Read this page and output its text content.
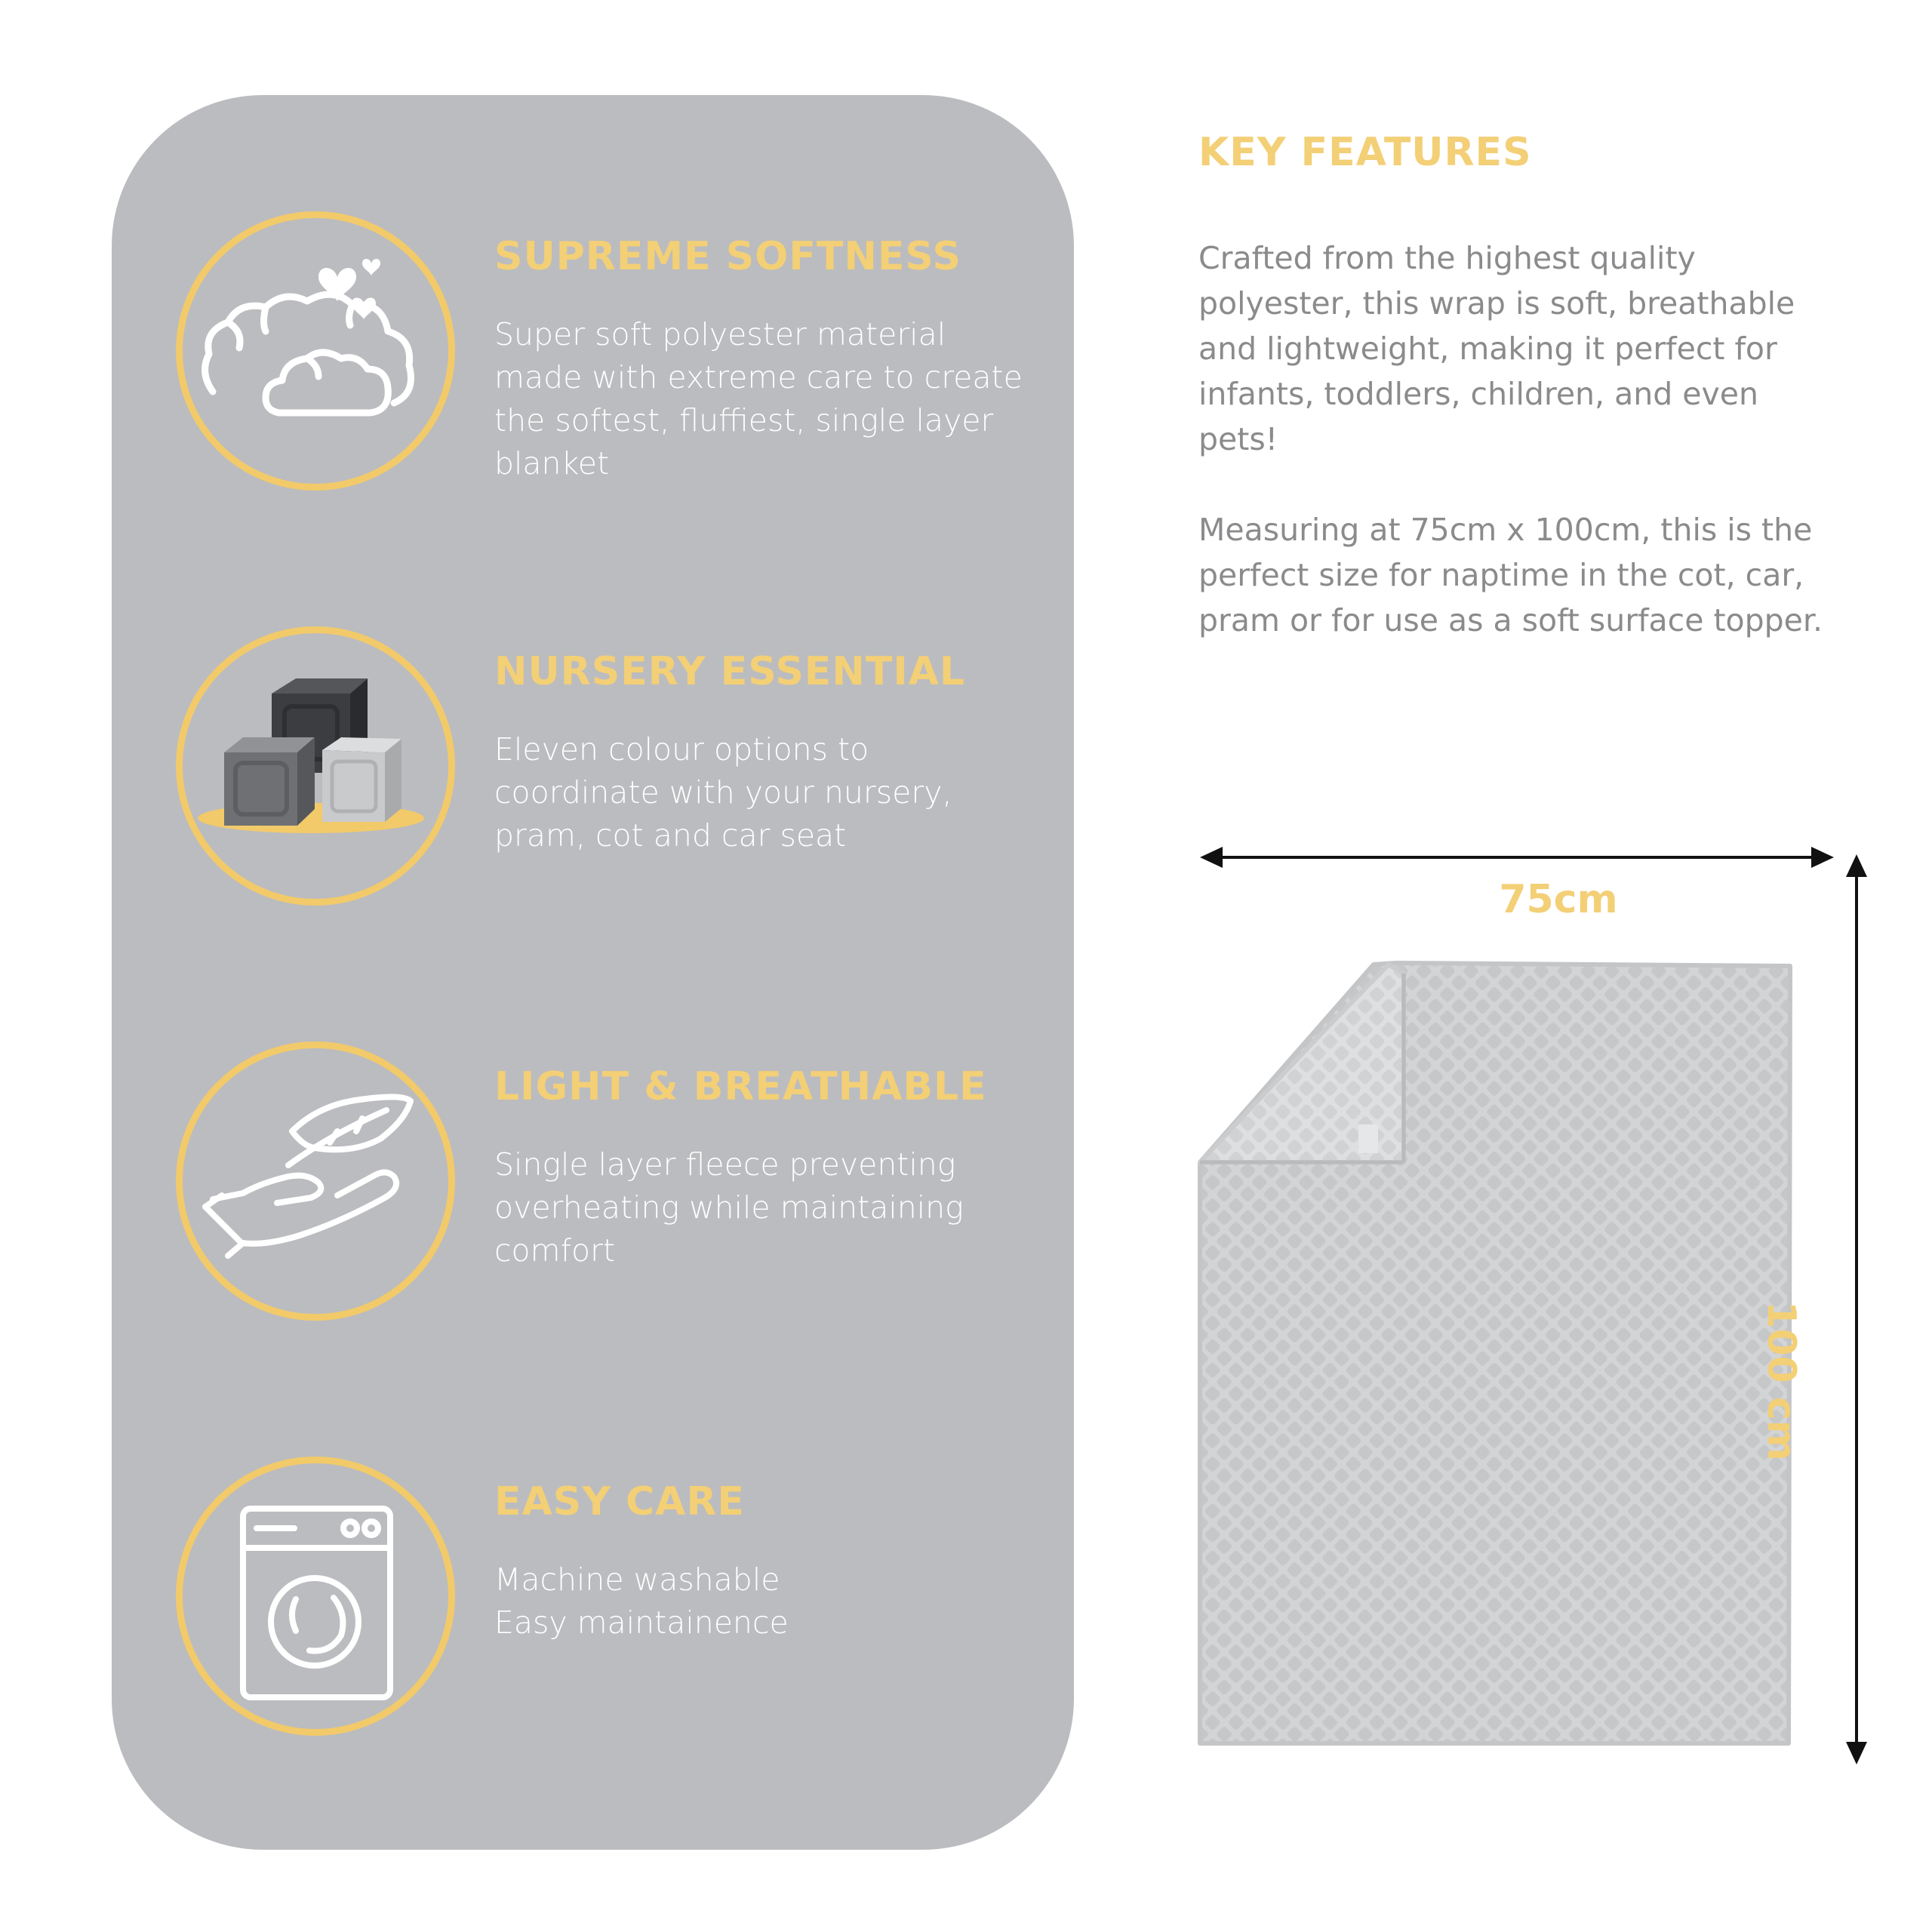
SUPREME SOFTNESS
Super soft polyester material
made with extreme care to create
the softest, fluffiest, single layer
blanket
NURSERY ESSENTIAL
Eleven colour options to
coordinate with your nursery,
pram, cot and car seat
LIGHT & BREATHABLE
Single layer fleece preventing
overheating while maintaining
comfort
EASY CARE
Machine washable
Easy maintainence
KEY FEATURES
Crafted from the highest quality
polyester, this wrap is soft, breathable
and lightweight, making it perfect for
infants, toddlers, children, and even
pets!
Measuring at 75cm x 100cm, this is the
perfect size for naptime in the cot, car,
pram or for use as a soft surface topper.
75cm
100 cm
